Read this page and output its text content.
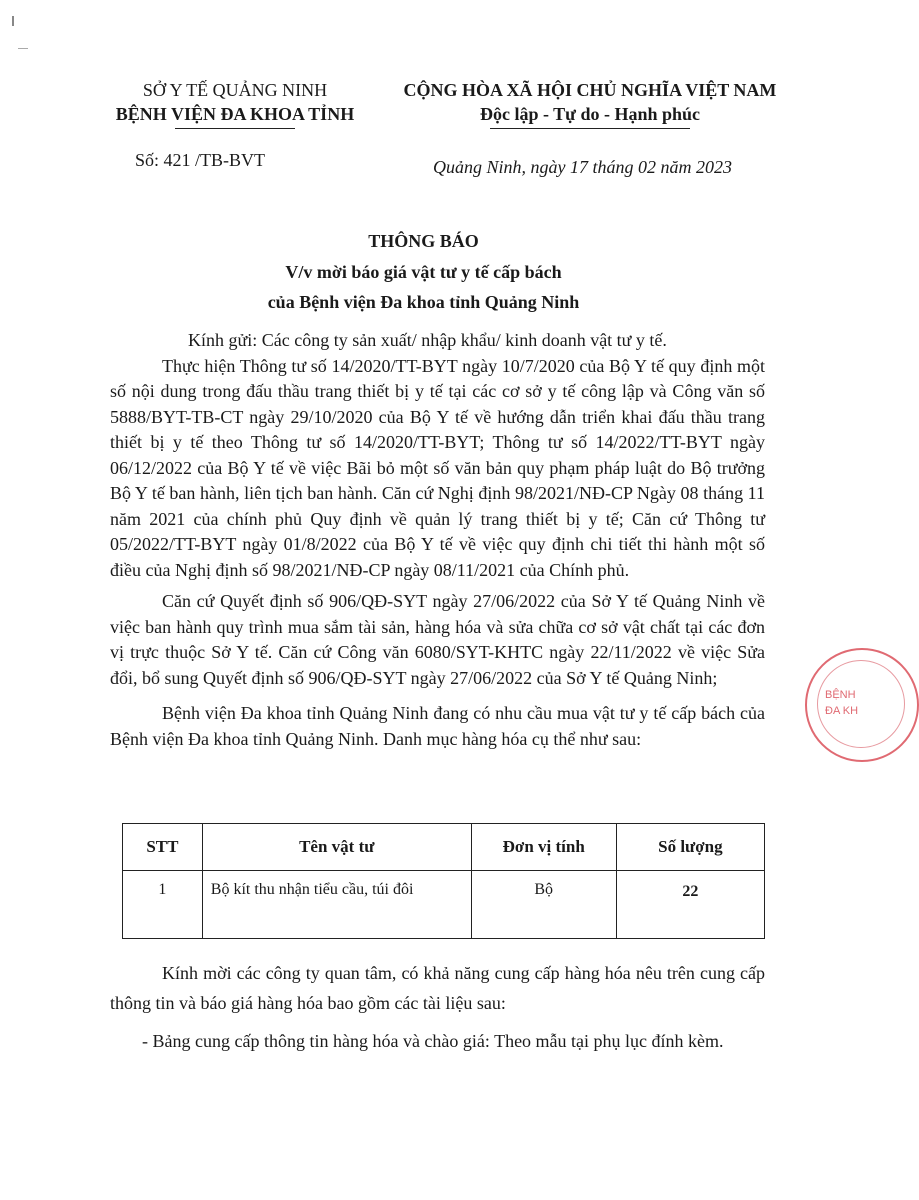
SỞ Y TẾ QUẢNG NINH
BỆNH VIỆN ĐA KHOA TỈNH
CỘNG HÒA XÃ HỘI CHỦ NGHĨA VIỆT NAM
Độc lập - Tự do - Hạnh phúc
Số: 421 /TB-BVT	Quảng Ninh, ngày 17 tháng 02 năm 2023
THÔNG BÁO
V/v mời báo giá vật tư y tế cấp bách
của Bệnh viện Đa khoa tỉnh Quảng Ninh

Kính gửi: Các công ty sản xuất/ nhập khẩu/ kinh doanh vật tư y tế.

Thực hiện Thông tư số 14/2020/TT-BYT ngày 10/7/2020 của Bộ Y tế quy định một số nội dung trong đấu thầu trang thiết bị y tế tại các cơ sở y tế công lập và Công văn số 5888/BYT-TB-CT ngày 29/10/2020 của Bộ Y tế về hướng dẫn triển khai đấu thầu trang thiết bị y tế theo Thông tư số 14/2020/TT-BYT; Thông tư số 14/2022/TT-BYT ngày 06/12/2022 của Bộ Y tế về việc Bãi bỏ một số văn bản quy phạm pháp luật do Bộ trưởng Bộ Y tế ban hành, liên tịch ban hành. Căn cứ Nghị định 98/2021/NĐ-CP Ngày 08 tháng 11 năm 2021 của chính phủ Quy định về quản lý trang thiết bị y tế; Căn cứ Thông tư 05/2022/TT-BYT ngày 01/8/2022 của Bộ Y tế về việc quy định chi tiết thi hành một số điều của Nghị định số 98/2021/NĐ-CP ngày 08/11/2021 của Chính phủ.

Căn cứ Quyết định số 906/QĐ-SYT ngày 27/06/2022 của Sở Y tế Quảng Ninh về việc ban hành quy trình mua sắm tài sản, hàng hóa và sửa chữa cơ sở vật chất tại các đơn vị trực thuộc Sở Y tế. Căn cứ Công văn 6080/SYT-KHTC ngày 22/11/2022 về việc Sửa đổi, bổ sung Quyết định số 906/QĐ-SYT ngày 27/06/2022 của Sở Y tế Quảng Ninh;

Bệnh viện Đa khoa tỉnh Quảng Ninh đang có nhu cầu mua vật tư y tế cấp bách của Bệnh viện Đa khoa tỉnh Quảng Ninh. Danh mục hàng hóa cụ thể như sau:

STT	Tên vật tư	Đơn vị tính	Số lượng
1	Bộ kít thu nhận tiểu cầu, túi đôi	Bộ	22

Kính mời các công ty quan tâm, có khả năng cung cấp hàng hóa nêu trên cung cấp thông tin và báo giá hàng hóa bao gồm các tài liệu sau:

- Bảng cung cấp thông tin hàng hóa và chào giá: Theo mẫu tại phụ lục đính kèm.

BỆNH
ĐA KH
